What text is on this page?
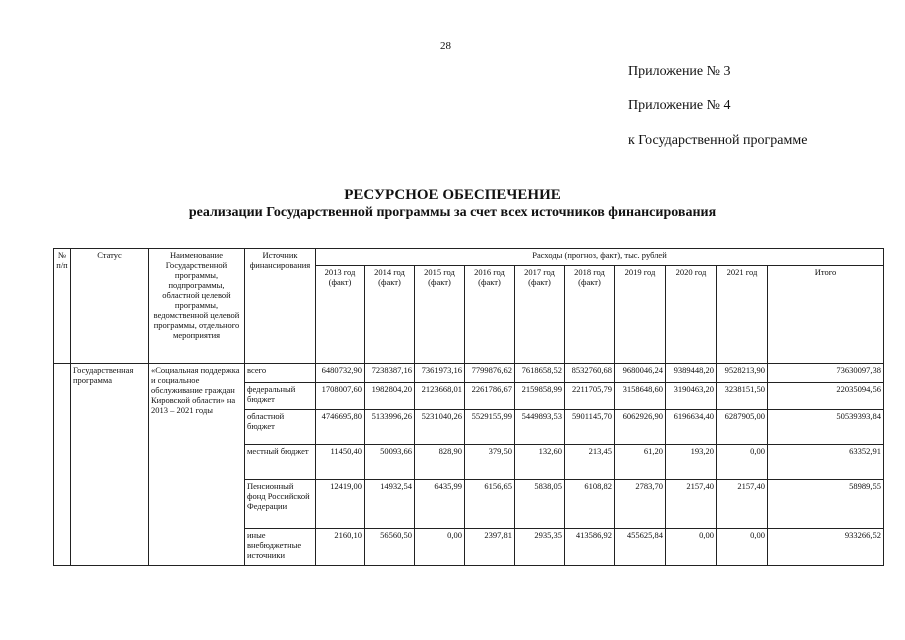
28
Приложение № 3
Приложение № 4
к Государственной программе
РЕСУРСНОЕ ОБЕСПЕЧЕНИЕ
реализации Государственной программы за счет всех источников финансирования
№ п/п	Статус	Наименование Государственной программы, подпрограммы, областной целевой программы, ведомственной целевой программы, отдельного мероприятия	Источник финансирования	Расходы (прогноз, факт), тыс. рублей									
				2013 год (факт)	2014 год (факт)	2015 год (факт)	2016 год (факт)	2017 год (факт)	2018 год (факт)	2019 год	2020 год	2021 год	Итого
	Государственная программа	«Социальная поддержка и социальное обслуживание граждан Кировской области» на 2013 – 2021 годы	всего	6480732,90	7238387,16	7361973,16	7799876,62	7618658,52	8532760,68	9680046,24	9389448,20	9528213,90	73630097,38
			федеральный бюджет	1708007,60	1982804,20	2123668,01	2261786,67	2159858,99	2211705,79	3158648,60	3190463,20	3238151,50	22035094,56
			областной бюджет	4746695,80	5133996,26	5231040,26	5529155,99	5449893,53	5901145,70	6062926,90	6196634,40	6287905,00	50539393,84
			местный бюджет	11450,40	50093,66	828,90	379,50	132,60	213,45	61,20	193,20	0,00	63352,91
			Пенсионный фонд Российской Федерации	12419,00	14932,54	6435,99	6156,65	5838,05	6108,82	2783,70	2157,40	2157,40	58989,55
			иные внебюджетные источники	2160,10	56560,50	0,00	2397,81	2935,35	413586,92	455625,84	0,00	0,00	933266,52
